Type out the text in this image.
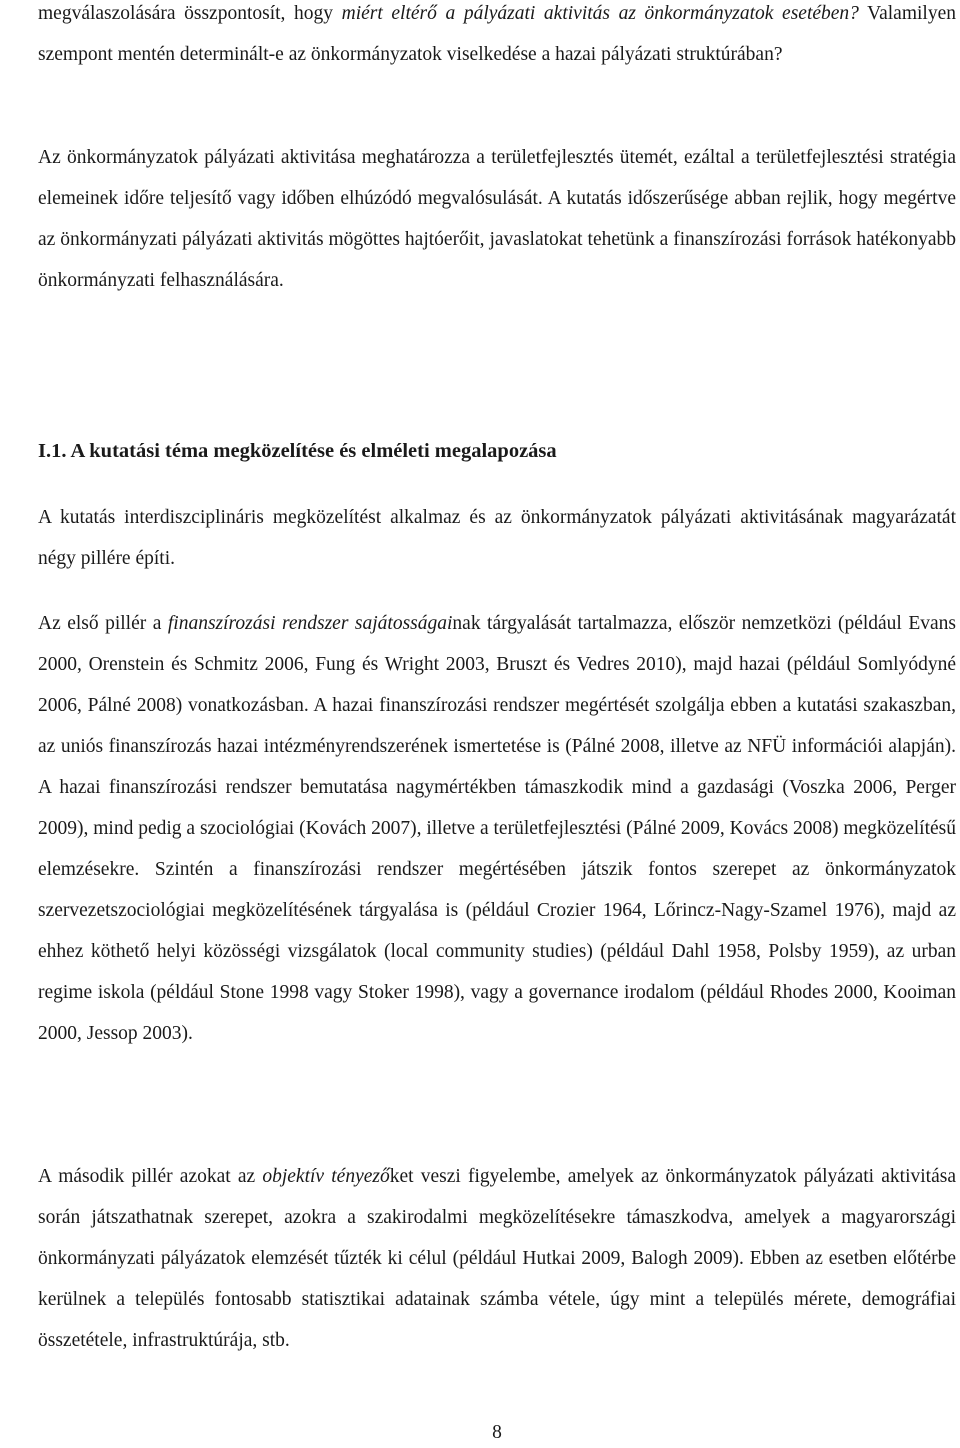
megválaszolására összpontosít, hogy miért eltérő a pályázati aktivitás az önkormányzatok esetében? Valamilyen szempont mentén determinált-e az önkormányzatok viselkedése a hazai pályázati struktúrában?

Az önkormányzatok pályázati aktivitása meghatározza a területfejlesztés ütemét, ezáltal a területfejlesztési stratégia elemeinek időre teljesítő vagy időben elhúzódó megvalósulását. A kutatás időszerűsége abban rejlik, hogy megértve az önkormányzati pályázati aktivitás mögöttes hajtóerőit, javaslatokat tehetünk a finanszírozási források hatékonyabb önkormányzati felhasználására.

I.1. A kutatási téma megközelítése és elméleti megalapozása

A kutatás interdiszciplináris megközelítést alkalmaz és az önkormányzatok pályázati aktivitásának magyarázatát négy pillére építi.

Az első pillér a finanszírozási rendszer sajátosságainak tárgyalását tartalmazza, először nemzetközi (például Evans 2000, Orenstein és Schmitz 2006, Fung és Wright 2003, Bruszt és Vedres 2010), majd hazai (például Somlyódyné 2006, Pálné 2008) vonatkozásban. A hazai finanszírozási rendszer megértését szolgálja ebben a kutatási szakaszban, az uniós finanszírozás hazai intézményrendszerének ismertetése is (Pálné 2008, illetve az NFÜ információi alapján). A hazai finanszírozási rendszer bemutatása nagymértékben támaszkodik mind a gazdasági (Voszka 2006, Perger 2009), mind pedig a szociológiai (Kovách 2007), illetve a területfejlesztési (Pálné 2009, Kovács 2008) megközelítésű elemzésekre. Szintén a finanszírozási rendszer megértésében játszik fontos szerepet az önkormányzatok szervezetszociológiai megközelítésének tárgyalása is (például Crozier 1964, Lőrincz-Nagy-Szamel 1976), majd az ehhez köthető helyi közösségi vizsgálatok (local community studies) (például Dahl 1958, Polsby 1959), az urban regime iskola (például Stone 1998 vagy Stoker 1998), vagy a governance irodalom (például Rhodes 2000, Kooiman 2000, Jessop 2003).

A második pillér azokat az objektív tényezőket veszi figyelembe, amelyek az önkormányzatok pályázati aktivitása során játszathatnak szerepet, azokra a szakirodalmi megközelítésekre támaszkodva, amelyek a magyarországi önkormányzati pályázatok elemzését tűzték ki célul (például Hutkai 2009, Balogh 2009). Ebben az esetben előtérbe kerülnek a település fontosabb statisztikai adatainak számba vétele, úgy mint a település mérete, demográfiai összetétele, infrastruktúrája, stb.

8
